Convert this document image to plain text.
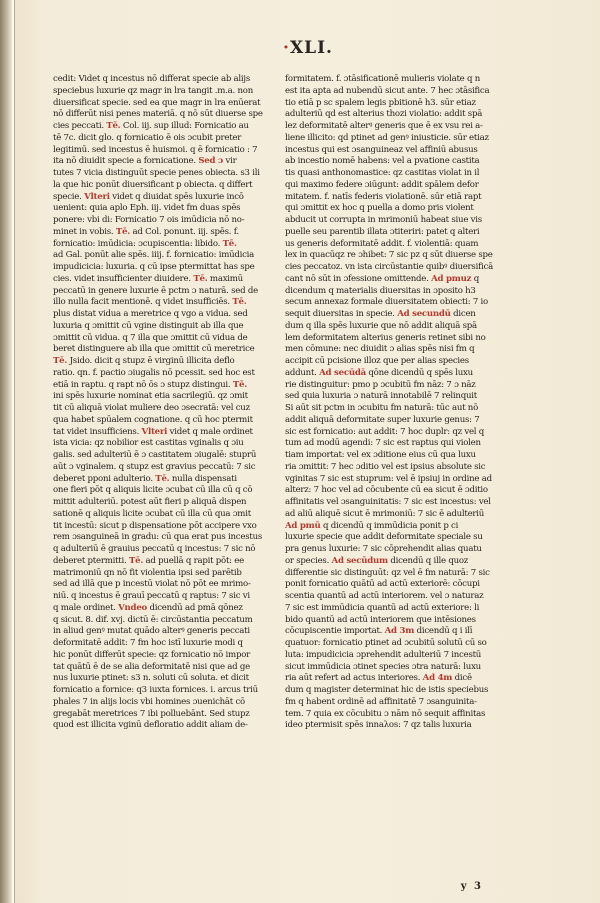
·XLI.
cedit: Videt q incestus nō differat specie ab alijs
speciebus luxurie qz magr in lra tangit .m.a. non
diuersificat specie. sed ea que magr in lra enūerat
nō differūt nisi penes materiā. q nō sūt diuerse spe
cies peccati. Tē. Col. iij. sup illud: Fornicatio au
tē 7c. dicit glo. q fornicatio ē ois ɔcubit preter
legitimū. sed incestus ē huismoi. q ē fornicatio : 7
ita nō diuidit specie a fornicatione. Sed ɔ vir
tutes 7 vicia distinguūt specie penes obiecta. s3 ili
la que hic ponūt diuersificant p obiecta. q differt
specie. Vlteri videt q diuidat spēs luxurie incō
uenient: quia aplo Eph. iij. videt fm duas spēs
ponere: vbi di: Fornicatio 7 ois imūdicia nō no-
minet in vobis. Tē. ad Col. ponunt. iij. spēs. f.
fornicatio: imūdicia: ɔcupiscentia: libido. Tē.
ad Gal. ponūt alie spēs. iiij. f. fornicatio: imūdicia
impudicicia: luxuria. q cū ipse ptermittat has spe
cies. videt insufficienter diuidere. Tē. maximū
peccatū in genere luxurie ē pctm ɔ naturā. sed de
illo nulla facit mentionē. q videt insufficiēs. Tē.
plus distat vidua a meretrice q vgo a vidua. sed
luxuria q ɔmittit cū vgine distinguit ab illa que
ɔmittit cū vidua. q 7 illa que ɔmittit cū vidua de
beret distinguere ab illa que ɔmittit cū meretrice
Tē. Jsido. dicit q stupz ē virginū illicita deflo
ratio. qn. f. pactio ɔiugalis nō pcessit. sed hoc est
etiā in raptu. q rapt nō ōs ɔ stupz distingui. Tē.
ini spēs luxurie nominat etia sacrilegiū. qz ɔmit
tit cū aliquā violat muliere deo ɔsecratā: vel cuz
qua habet spūalem cognatione. q cū hoc ptermit
tat videt insufficiens. Vlteri videt q male ordinet
ista vicia: qz nobilior est castitas vginalis q ɔiu
galis. sed adulteriū ē ɔ castitatem ɔiugalē: stuprū
aūt ɔ vginalem. q stupz est gravius peccatū: 7 sic
deberet pponi adulterio. Tē. nulla dispensati
one fieri pōt q aliquis licite ɔcubat cū illa cū q cō
mittit adulteriū. potest aūt fieri p aliquā dispen
sationē q aliquis licite ɔcubat cū illa cū qua ɔmit
tit incestū: sicut p dispensatione pōt accipere vxo
rem ɔsanguineā in gradu: cū qua erat pus incestus
q adulteriū ē grauius peccatū q incestus: 7 sic nō
deberet ptermitti. Tē. ad puellā q rapit pōt: ee
matrimoniū qn nō fit violentia ipsi sed parētib
sed ad illā que p incestū violat nō pōt ee mrimo-
niū. q incestus ē grauī peccatū q raptus: 7 sic vi
q male ordinet. Vndeo dicendū ad pmā qōnez
q sicut. 8. dif. xvj. dictū ē: circūstantia peccatum
in aliud genꝰ mutat quādo alterꝰ generis peccati
deformitatē addit: 7 fm hoc istī luxurie modi q
hic ponūt differūt specie: qz fornicatio nō impor
tat quātū ē de se alia deformitatē nisi que ad ge
nus luxurie ptinet: s3 n. soluti cū soluta. et dicit
fornicatio a fornice: q3 iuxta fornices. i. arcus triū
phales 7 in alijs locis vbi homines ɔuenichāt cō
gregabāt meretrices 7 ibi polluebānt. Sed stupz
quod est illicita vginū defloratio addit aliam de-
formitatem. f. ɔtāsificationē mulieris violate q n
est ita apta ad nubendū sicut ante. 7 hec ɔtāsifica
tio etiā p sc spalem legis pbitionē h3. sūr etiaz
adulteriū qd est alterius thozi violatio: addit spā
lez deformitatē alterꝰ generis que ē ex vsu rei a-
liene illicito: qd ptinet ad genꝰ iniusticie. sūr etiaz
incestus qui est ɔsanguineaz vel affiniū abusus
ab incestio nomē habens: vel a pvatione castita
tis quasi anthonomastice: qz castitas violat in il
qui maximo federe ɔiūgunt: addit spālem defor
mitatem. f. natīs federis violationē. sūr etiā rapt
qui ɔmittit ex hoc q puella a domo pris violent
abducit ut corrupta in mrimoniū habeat siue vis
puelle seu parentib illata ɔtiteriri: patet q alteri
us generis deformitatē addit. f. violentiā: quam
lex in quacūqz re ɔhibet: 7 sic pz q sūt diuerse spe
cies peccatoz. vn ista circūstantie quibꝰ diuersificā
cant nō sūt in ɔfessione omittende. Ad pmuz q
dicendum q materialis diuersitas in ɔposito h3
secum annexaz formale diuersitatem obiecti: 7 io
sequit diuersitas in specie. Ad secundū dicen
dum q illa spēs luxurie que nō addit aliquā spā
lem deformitatem alterius generis retinet sibi no
men cōmune: nec diuidit ɔ alias spēs nisi fm q
accipit cū pcisione illoz que per alias species
addunt. Ad secūdā qōne dicendū q spēs luxu
rie distinguitur: pmo p ɔcubitū fm nāz: 7 ɔ nāz
sed quia luxuria ɔ naturā innotabilē 7 relinquit
Si aūt sit pctm in ɔcubitu fm naturā: tūc aut nō
addit aliquā deformitate super luxurie genus: 7
sic est fornicatio: aut addit: 7 hoc duplr: qz vel q
tum ad modū agendi: 7 sic est raptus qui violen
tiam importat: vel ex ɔditione eius cū qua luxu
ria ɔmittit: 7 hec ɔditio vel est ipsius absolute sic
vginitas 7 sic est stuprum: vel ē ipsiuj in ordine ad
alterz: 7 hoc vel ad cōcubente cū ea sicut ē ɔditio
affinitatis vel ɔsanguinitatis: 7 sic est incestus: vel
ad aliū aliquē sicut ē mrimoniū: 7 sic ē adulteriū
Ad pmū q dicendū q immūdicia ponit p ci
luxurie specie que addit deformitate speciale su
pra genus luxurie: 7 sic cōprehendit alias quatu
or species. Ad secūdum dicendū q ille quoz
differentie sic distinguūt: qz vel ē fm naturā: 7 sic
ponit fornicatio quātū ad actū exteriorē: cōcupi
scentia quantū ad actū interiorem. vel ɔ naturaz
7 sic est immūdicia quantū ad actū exteriore: li
bido quantū ad actū interiorem que intēsiones
cōcupiscentie importat. Ad 3m dicendū q i ilī
quatuor: fornicatio ptinet ad ɔcubitū solutū cū so
luta: impudicicia ɔprehendit adulteriū 7 incestū
sicut immūdicia ɔtinet species ɔtra naturā: luxu
ria aūt refert ad actus interiores. Ad 4m dicē
dum q magister determinat hic de istis speciebus
fm q habent ordinē ad affinitatē 7 ɔsanguinita-
tem. 7 quia ex cōcubitu ɔ nām nō sequit affinitas
ideo ptermisit spēs innaλos: 7 qz talis luxuria
y 3
